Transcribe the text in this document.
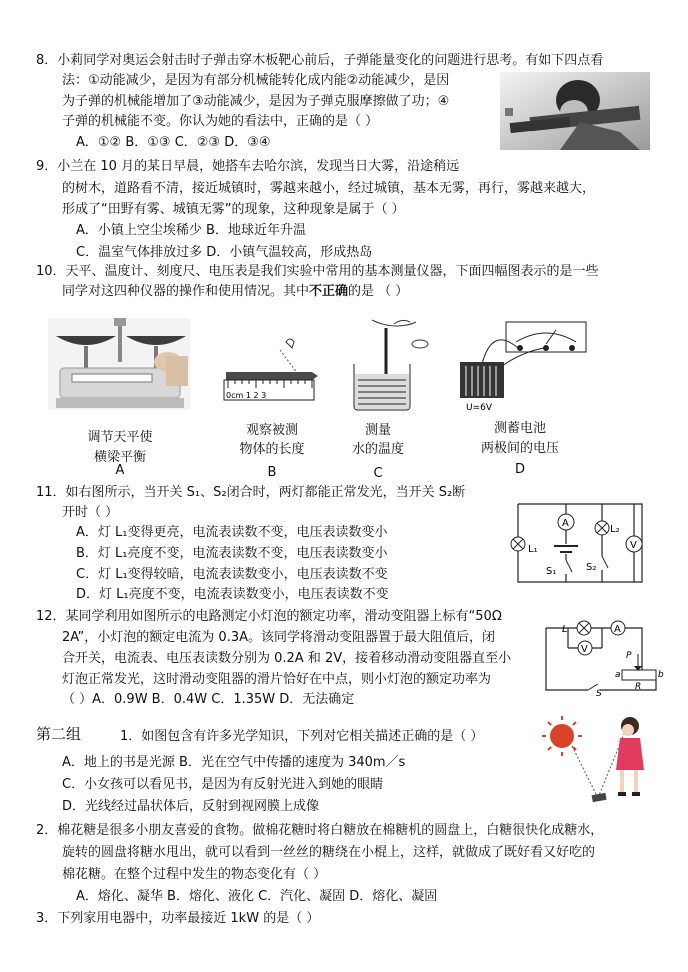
8．小莉同学对奥运会射击时子弹击穿木板靶心前后，子弹能量变化的问题进行思考。有如下四点看
法：①动能减少，是因为有部分机械能转化成内能②动能减少，是因
为子弹的机械能增加了③动能减少，是因为子弹克服摩擦做了功；④
子弹的机械能不变。你认为她的看法中，正确的是（ ）
A．①② B．①③ C．②③ D．③④
9．小兰在 10 月的某日早晨，她搭车去哈尔滨，发现当日大雾，沿途稍远
的树木，道路看不清，接近城镇时，雾越来越小，经过城镇，基本无雾，再行，雾越来越大，
形成了“田野有雾、城镇无雾”的现象，这种现象是属于（ ）
A．小镇上空尘埃稀少 B．地球近年升温
C．温室气体排放过多 D．小镇气温较高，形成热岛
10．天平、温度计、刻度尺、电压表是我们实验中常用的基本测量仪器，下面四幅图表示的是一些
同学对这四种仪器的操作和使用情况。其中不正确的是 （ ）
调节天平使
横梁平衡
A
0cm 1 2 3
观察被测
物体的长度
B
测量
水的温度
C
U=6V
测蓄电池
两极间的电压
D
11．如右图所示，当开关 S₁、S₂闭合时，两灯都能正常发光，当开关 S₂断
开时（ ）
A．灯 L₁变得更亮，电流表读数不变，电压表读数变小
B．灯 L₁亮度不变，电流表读数不变，电压表读数变小
C．灯 L₁变得较暗，电流表读数变小，电压表读数不变
D．灯 L₁亮度不变，电流表读数变小，电压表读数不变
A
V
L₁
L₂
S₁	S₂
12．某同学利用如图所示的电路测定小灯泡的额定功率，滑动变阻器上标有“50Ω
2A”，小灯泡的额定电流为 0.3A。该同学将滑动变阻器置于最大阻值后，闭
合开关，电流表、电压表读数分别为 0.2A 和 2V，接着移动滑动变阻器直至小
灯泡正常发光，这时滑动变阻器的滑片恰好在中点，则小灯泡的额定功率为
（ ）A．0.9W B．0.4W C．1.35W D．无法确定
L	A
V
P
a
R
b
S
第二组	1．如图包含有许多光学知识，下列对它相关描述正确的是（ ）
A．地上的书是光源 B．光在空气中传播的速度为 340m／s
C．小女孩可以看见书，是因为有反射光进入到她的眼睛
D．光线经过晶状体后，反射到视网膜上成像
2．棉花糖是很多小朋友喜爱的食物。做棉花糖时将白糖放在棉糖机的圆盘上，白糖很快化成糖水，
旋转的圆盘将糖水甩出，就可以看到一丝丝的糖绕在小棍上，这样，就做成了既好看又好吃的
棉花糖。在整个过程中发生的物态变化有（ ）
A．熔化、凝华 B．熔化、液化 C．汽化、凝固 D．熔化、凝固
3．下列家用电器中，功率最接近 1kW 的是（ ）
